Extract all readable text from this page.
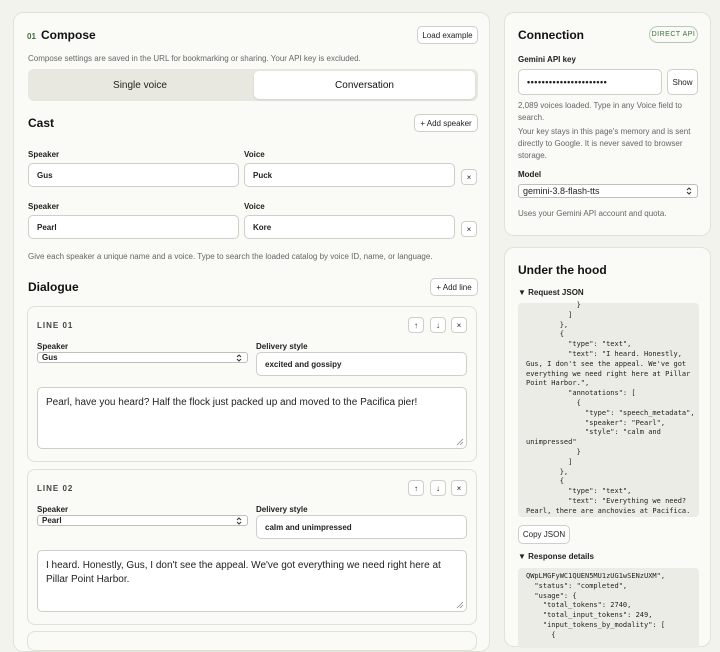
01 Compose	Load example
Compose settings are saved in the URL for bookmarking or sharing. Your API key is excluded.
Single voice	Conversation
Cast	+ Add speaker
Speaker	Voice
Gus	Puck	×
Speaker	Voice
Pearl	Kore	×
Give each speaker a unique name and a voice. Type to search the loaded catalog by voice ID, name, or language.
Dialogue	+ Add line
LINE 01	↑	↓	×
Speaker
Gus
Delivery style
excited and gossipy
Pearl, have you heard? Half the flock just packed up and moved to the Pacifica pier!
LINE 02	↑	↓	×
Speaker
Pearl
Delivery style
calm and unimpressed
I heard. Honestly, Gus, I don't see the appeal. We've got everything we need right here at Pillar Point Harbor.
Connection	DIRECT API
Gemini API key
••••••••••••••••••••••	Show
2,089 voices loaded. Type in any Voice field to search.
Your key stays in this page's memory and is sent directly to Google. It is never saved to browser storage.
Model
gemini-3.8-flash-tts
Uses your Gemini API account and quota.
Under the hood
▼ Request JSON
}
]
},
{
"type": "text",
"text": "I heard. Honestly,
Gus, I don't see the appeal. We've got
everything we need right here at Pillar
Point Harbor.",
"annotations": [
{
"type": "speech_metadata",
"speaker": "Pearl",
"style": "calm and
unimpressed"
}
]
},
{
"type": "text",
"text": "Everything we need?
Pearl, there are anchovies at Pacifica.
Copy JSON
▼ Response details
QWpLMGFyWC1QUEN5MU1zUG1wSENzUXM",
"status": "completed",
"usage": {
"total_tokens": 2740,
"total_input_tokens": 249,
"input_tokens_by_modality": [
{
